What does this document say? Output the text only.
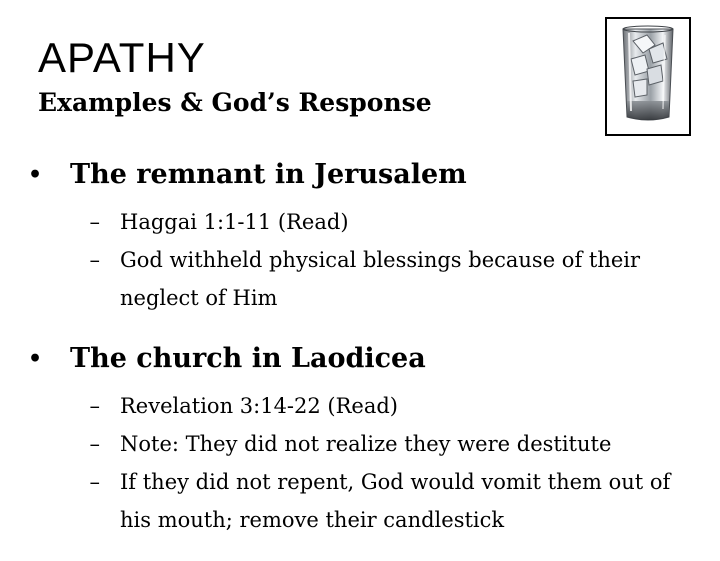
APATHY
Examples & God’s Response
•	The remnant in Jerusalem
– Haggai 1:1-11 (Read)
– God withheld physical blessings because of their neglect of Him
•	The church in Laodicea
– Revelation 3:14-22 (Read)
– Note: They did not realize they were destitute
– If they did not repent, God would vomit them out of his mouth; remove their candlestick
